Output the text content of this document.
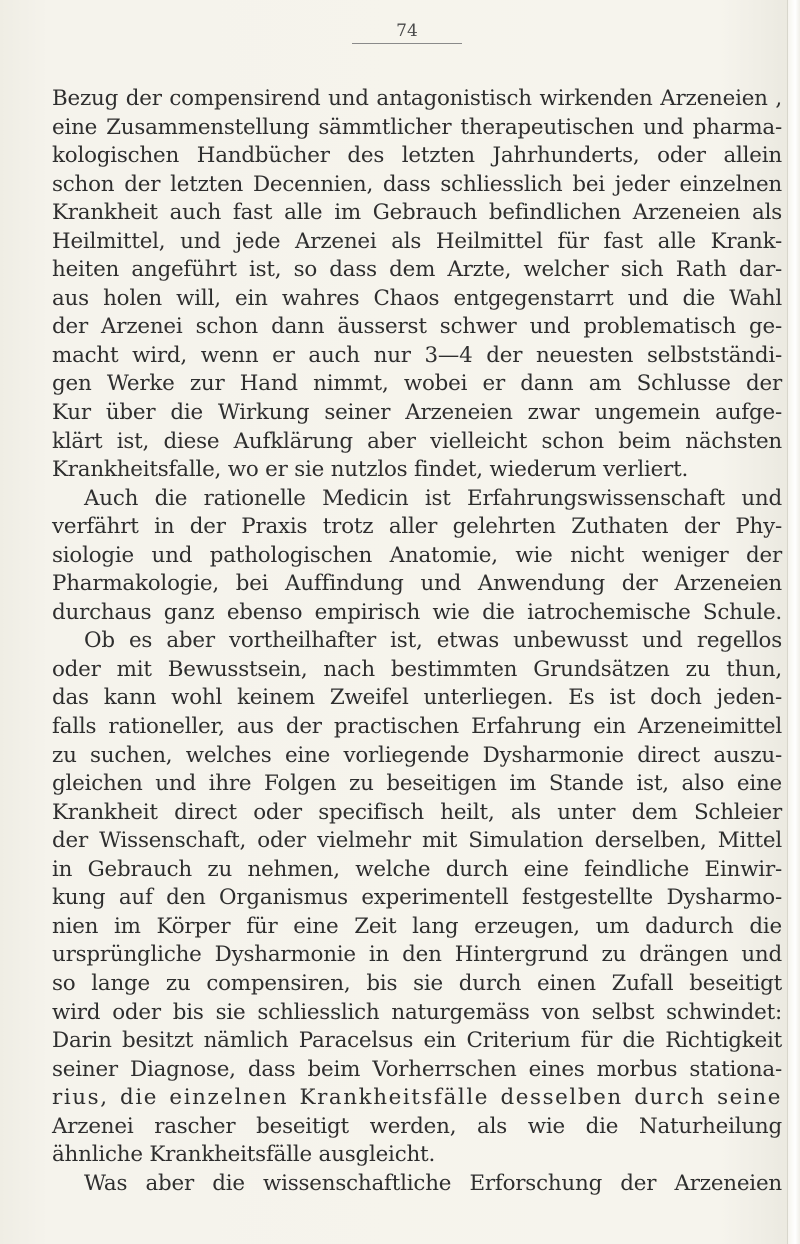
74
Bezug der compensirend und antagonistisch wirkenden Arzeneien ,
eine Zusammenstellung sämmtlicher therapeutischen und pharma-
kologischen Handbücher des letzten Jahrhunderts, oder allein
schon der letzten Decennien, dass schliesslich bei jeder einzelnen
Krankheit auch fast alle im Gebrauch befindlichen Arzeneien als
Heilmittel, und jede Arzenei als Heilmittel für fast alle Krank-
heiten angeführt ist, so dass dem Arzte, welcher sich Rath dar-
aus holen will, ein wahres Chaos entgegenstarrt und die Wahl
der Arzenei schon dann äusserst schwer und problematisch ge-
macht wird, wenn er auch nur 3—4 der neuesten selbstständi-
gen Werke zur Hand nimmt, wobei er dann am Schlusse der
Kur über die Wirkung seiner Arzeneien zwar ungemein aufge-
klärt ist, diese Aufklärung aber vielleicht schon beim nächsten
Krankheitsfalle, wo er sie nutzlos findet, wiederum verliert.
Auch die rationelle Medicin ist Erfahrungswissenschaft und
verfährt in der Praxis trotz aller gelehrten Zuthaten der Phy-
siologie und pathologischen Anatomie, wie nicht weniger der
Pharmakologie, bei Auffindung und Anwendung der Arzeneien
durchaus ganz ebenso empirisch wie die iatrochemische Schule.
Ob es aber vortheilhafter ist, etwas unbewusst und regellos
oder mit Bewusstsein, nach bestimmten Grundsätzen zu thun,
das kann wohl keinem Zweifel unterliegen. Es ist doch jeden-
falls rationeller, aus der practischen Erfahrung ein Arzeneimittel
zu suchen, welches eine vorliegende Dysharmonie direct auszu-
gleichen und ihre Folgen zu beseitigen im Stande ist, also eine
Krankheit direct oder specifisch heilt, als unter dem Schleier
der Wissenschaft, oder vielmehr mit Simulation derselben, Mittel
in Gebrauch zu nehmen, welche durch eine feindliche Einwir-
kung auf den Organismus experimentell festgestellte Dysharmo-
nien im Körper für eine Zeit lang erzeugen, um dadurch die
ursprüngliche Dysharmonie in den Hintergrund zu drängen und
so lange zu compensiren, bis sie durch einen Zufall beseitigt
wird oder bis sie schliesslich naturgemäss von selbst schwindet:
Darin besitzt nämlich Paracelsus ein Criterium für die Richtigkeit
seiner Diagnose, dass beim Vorherrschen eines morbus stationa-
rius, die einzelnen Krankheitsfälle desselben durch seine
Arzenei rascher beseitigt werden, als wie die Naturheilung
ähnliche Krankheitsfälle ausgleicht.
Was aber die wissenschaftliche Erforschung der Arzeneien
